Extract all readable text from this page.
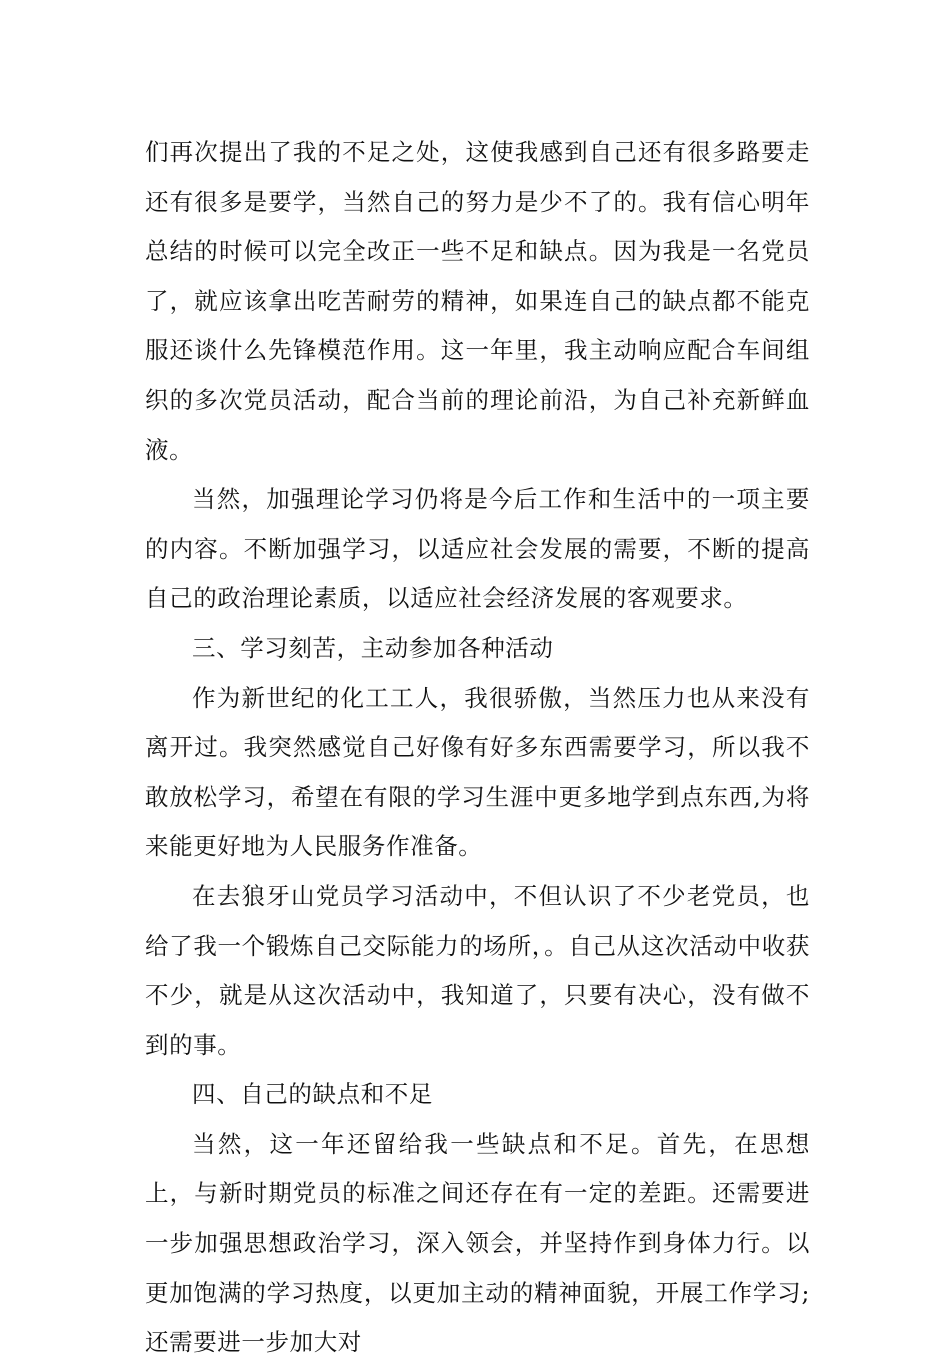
们再次提出了我的不足之处，这使我感到自己还有很多路要走还有很多是要学，当然自己的努力是少不了的。我有信心明年总结的时候可以完全改正一些不足和缺点。因为我是一名党员了，就应该拿出吃苦耐劳的精神，如果连自己的缺点都不能克服还谈什么先锋模范作用。这一年里，我主动响应配合车间组织的多次党员活动，配合当前的理论前沿，为自己补充新鲜血液。

当然，加强理论学习仍将是今后工作和生活中的一项主要的内容。不断加强学习，以适应社会发展的需要，不断的提高自己的政治理论素质，以适应社会经济发展的客观要求。

三、学习刻苦，主动参加各种活动

作为新世纪的化工工人，我很骄傲，当然压力也从来没有离开过。我突然感觉自己好像有好多东西需要学习，所以我不敢放松学习，希望在有限的学习生涯中更多地学到点东西,为将来能更好地为人民服务作准备。

在去狼牙山党员学习活动中，不但认识了不少老党员，也给了我一个锻炼自己交际能力的场所，。自己从这次活动中收获不少，就是从这次活动中，我知道了，只要有决心，没有做不到的事。

四、自己的缺点和不足

当然，这一年还留给我一些缺点和不足。首先，在思想上，与新时期党员的标准之间还存在有一定的差距。还需要进一步加强思想政治学习，深入领会，并坚持作到身体力行。以更加饱满的学习热度，以更加主动的精神面貌，开展工作学习;还需要进一步加大对
